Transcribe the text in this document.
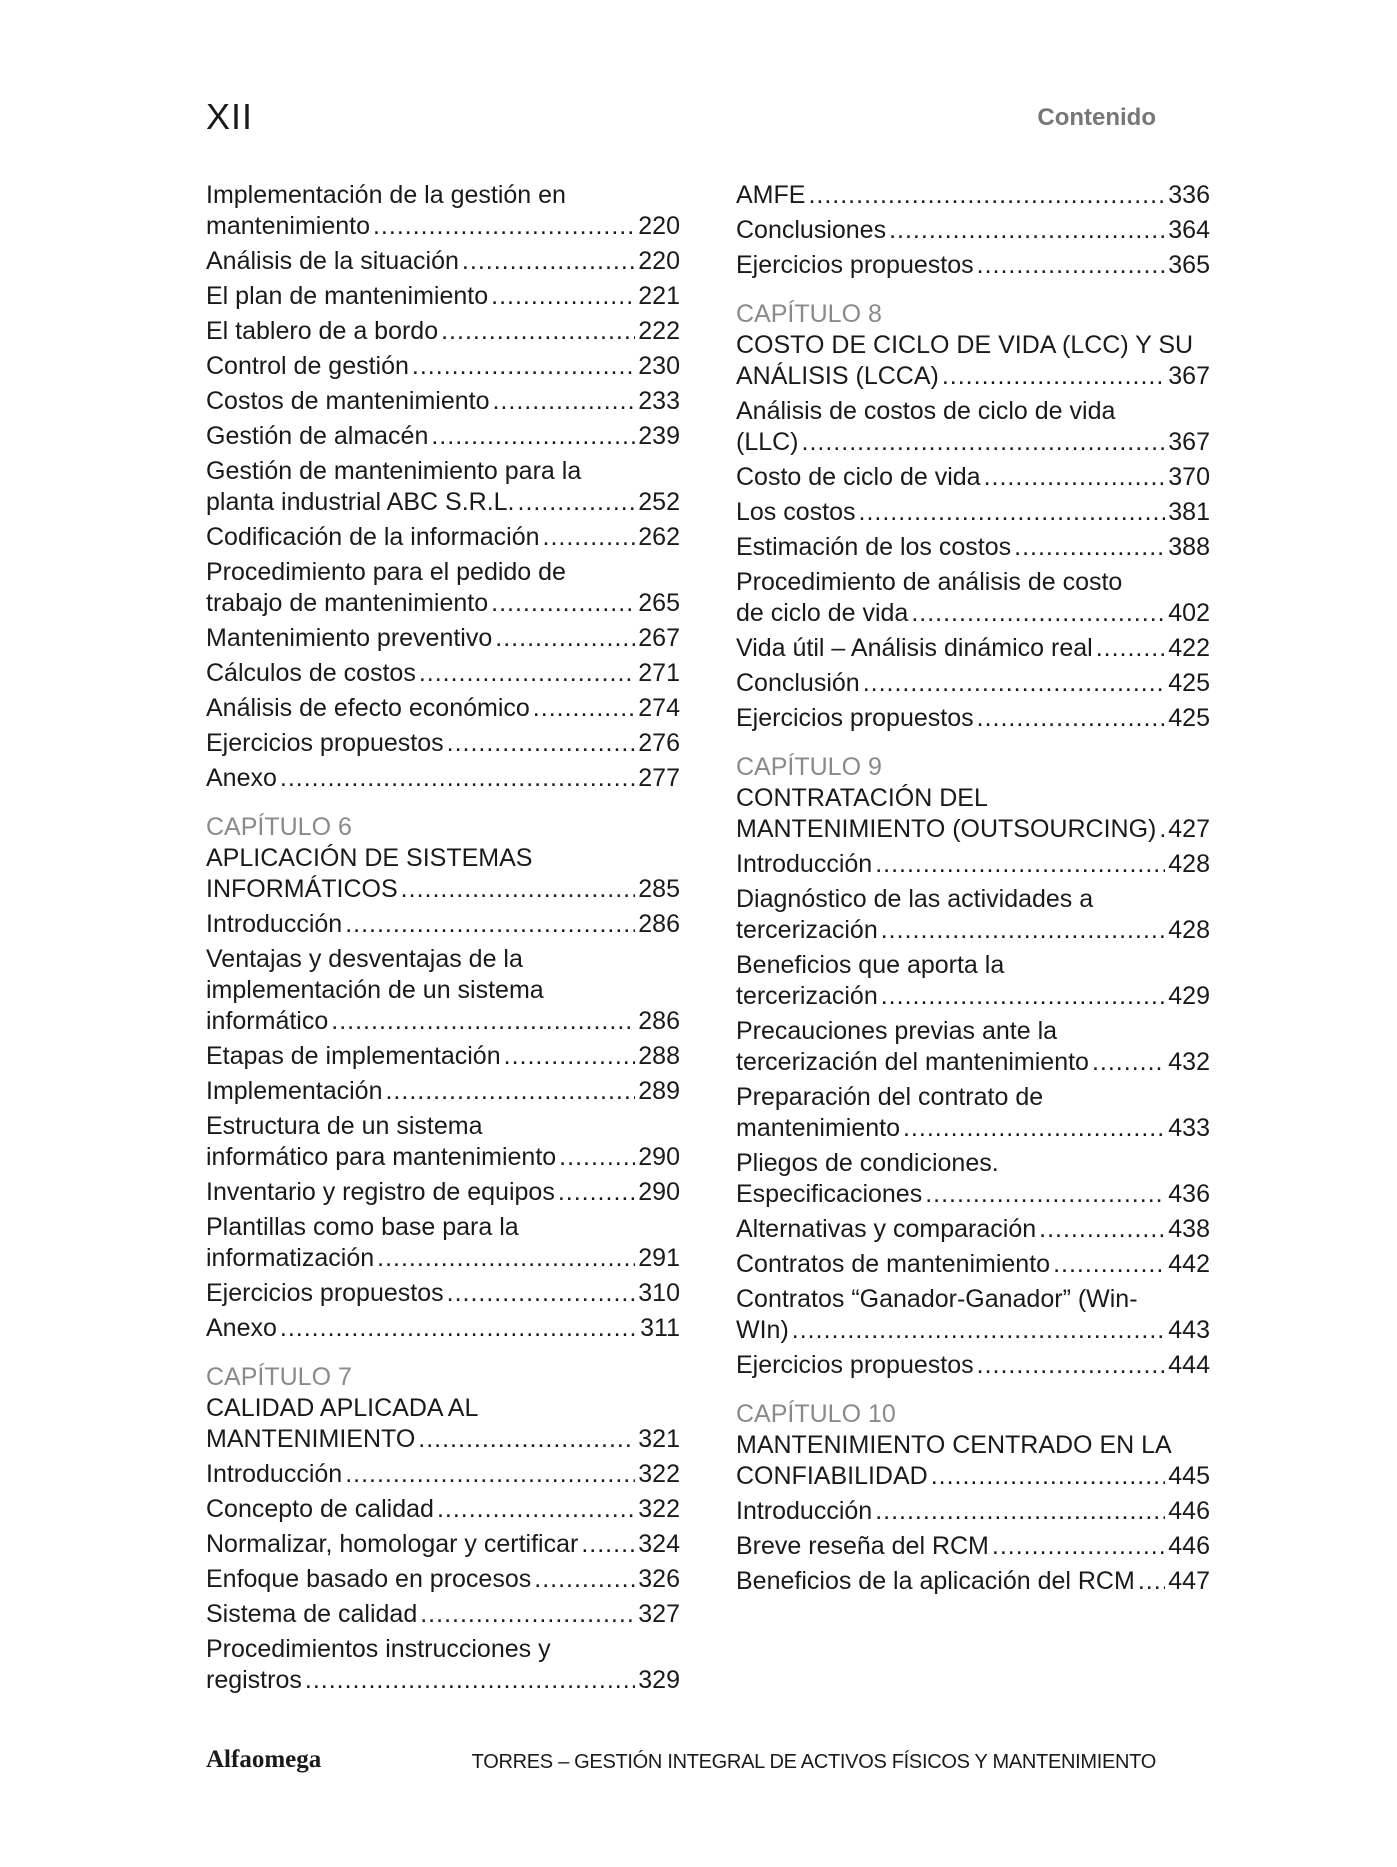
XII	Contenido
Implementación de la gestión en
mantenimiento .....	220
Análisis de la situación .....	220
El plan de mantenimiento .....	221
El tablero de a bordo .....	222
Control de gestión .....	230
Costos de mantenimiento .....	233
Gestión de almacén .....	239
Gestión de mantenimiento para la
planta industrial ABC S.R.L. .....	252
Codificación de la información .....	262
Procedimiento para el pedido de
trabajo de mantenimiento .....	265
Mantenimiento preventivo .....	267
Cálculos de costos .....	271
Análisis de efecto económico .....	274
Ejercicios propuestos .....	276
Anexo .....	277
CAPÍTULO 6
APLICACIÓN DE SISTEMAS
INFORMÁTICOS .....	285
Introducción .....	286
Ventajas y desventajas de la
implementación de un sistema
informático .....	286
Etapas de implementación .....	288
Implementación .....	289
Estructura de un sistema
informático para mantenimiento .....	290
Inventario y registro de equipos .....	290
Plantillas como base para la
informatización .....	291
Ejercicios propuestos .....	310
Anexo .....	311
CAPÍTULO 7
CALIDAD APLICADA AL
MANTENIMIENTO .....	321
Introducción .....	322
Concepto de calidad .....	322
Normalizar, homologar y certificar ..... 324
Enfoque basado en procesos .....	326
Sistema de calidad .....	327
Procedimientos instrucciones y
registros .....	329
AMFE .....	336
Conclusiones .....	364
Ejercicios propuestos .....	365
CAPÍTULO 8
COSTO DE CICLO DE VIDA (LCC) Y SU
ANÁLISIS (LCCA) .....	367
Análisis de costos de ciclo de vida
(LLC) .....	367
Costo de ciclo de vida .....	370
Los costos .....	381
Estimación de los costos .....	388
Procedimiento de análisis de costo
de ciclo de vida .....	402
Vida útil – Análisis dinámico real .....	422
Conclusión .....	425
Ejercicios propuestos .....	425
CAPÍTULO 9
CONTRATACIÓN DEL
MANTENIMIENTO (OUTSOURCING) ..... 427
Introducción .....	428
Diagnóstico de las actividades a
tercerización .....	428
Beneficios que aporta la
tercerización .....	429
Precauciones previas ante la
tercerización del mantenimiento .....	432
Preparación del contrato de
mantenimiento .....	433
Pliegos de condiciones.
Especificaciones .....	436
Alternativas y comparación .....	438
Contratos de mantenimiento .....	442
Contratos “Ganador-Ganador” (Win-
WIn) .....	443
Ejercicios propuestos .....	444
CAPÍTULO 10
MANTENIMIENTO CENTRADO EN LA
CONFIABILIDAD .....	445
Introducción .....	446
Breve reseña del RCM .....	446
Beneficios de la aplicación del RCM ..... 447
Alfaomega	TORRES – GESTIÓN INTEGRAL DE ACTIVOS FÍSICOS Y MANTENIMIENTO
